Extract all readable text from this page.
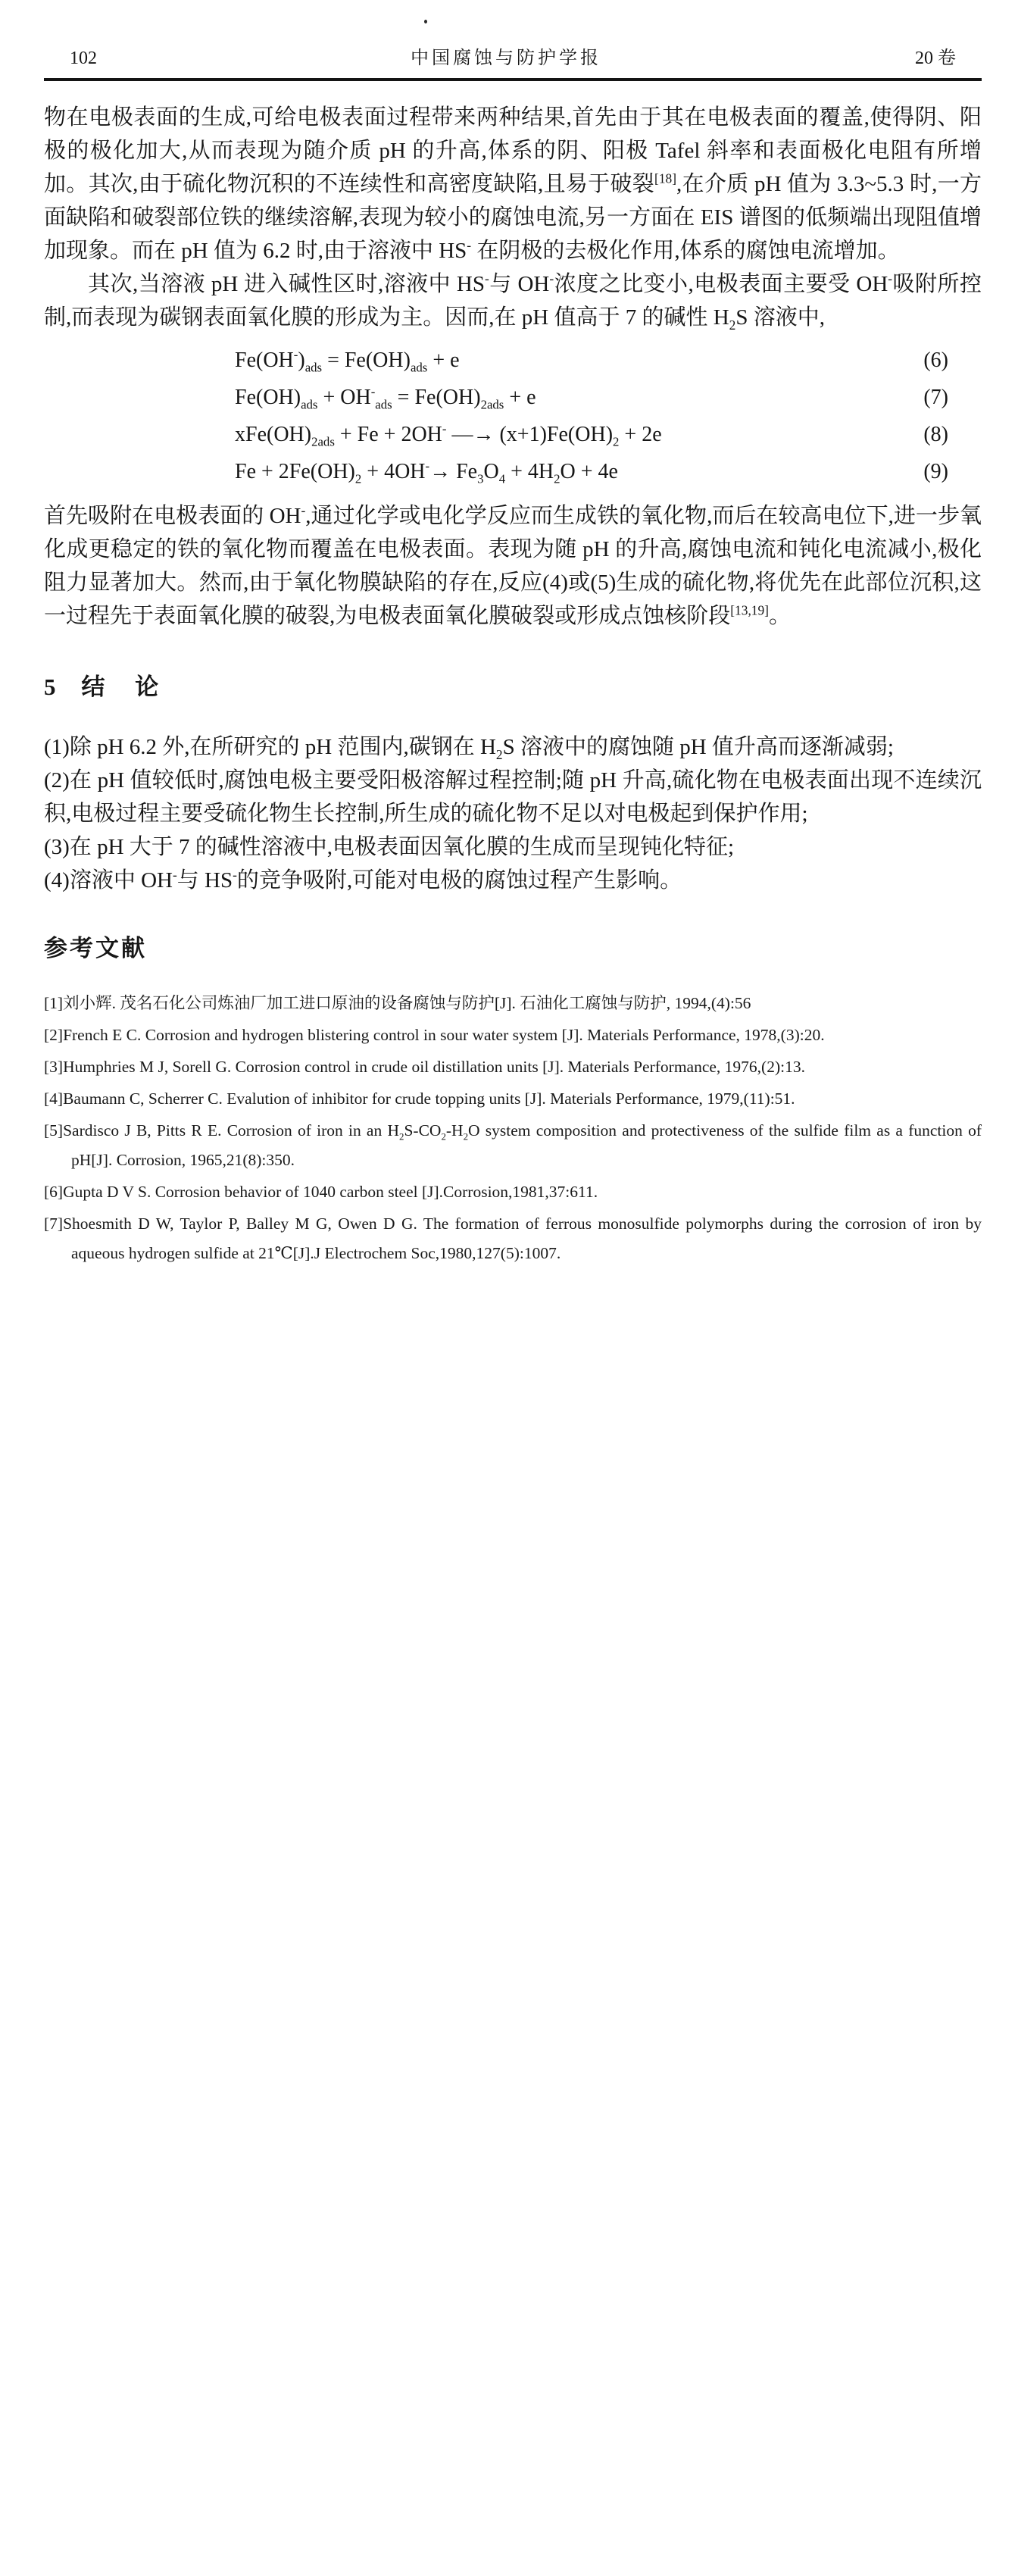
102	中国腐蚀与防护学报	20 卷

物在电极表面的生成,可给电极表面过程带来两种结果,首先由于其在电极表面的覆盖,使得阴、阳极的极化加大,从而表现为随介质 pH 的升高,体系的阴、阳极 Tafel 斜率和表面极化电阻有所增加。其次,由于硫化物沉积的不连续性和高密度缺陷,且易于破裂[18],在介质 pH 值为 3.3~5.3 时,一方面缺陷和破裂部位铁的继续溶解,表现为较小的腐蚀电流,另一方面在 EIS 谱图的低频端出现阻值增加现象。而在 pH 值为 6.2 时,由于溶液中 HS- 在阴极的去极化作用,体系的腐蚀电流增加。

其次,当溶液 pH 进入碱性区时,溶液中 HS-与 OH-浓度之比变小,电极表面主要受 OH-吸附所控制,而表现为碳钢表面氧化膜的形成为主。因而,在 pH 值高于 7 的碱性 $H_2S$ 溶液中,

$Fe(OH^-)_{ads} = Fe(OH)_{ads} + e$	(6)
$Fe(OH)_{ads} + OH^-_{ads} = Fe(OH)_{2ads} + e$	(7)
$xFe(OH)_{2ads} + Fe + 2OH^-$ —→ $(x+1)Fe(OH)_2 + 2e$	(8)
$Fe + 2Fe(OH)_2 + 4OH^-\to Fe_3O_4 + 4H_2O + 4e$	(9)

首先吸附在电极表面的 OH-,通过化学或电化学反应而生成铁的氧化物,而后在较高电位下,进一步氧化成更稳定的铁的氧化物而覆盖在电极表面。表现为随 pH 的升高,腐蚀电流和钝化电流减小,极化阻力显著加大。然而,由于氧化物膜缺陷的存在,反应(4)或(5)生成的硫化物,将优先在此部位沉积,这一过程先于表面氧化膜的破裂,为电极表面氧化膜破裂或形成点蚀核阶段[13,19]。

5 结 论

(1)除 pH 6.2 外,在所研究的 pH 范围内,碳钢在 $H_2S$ 溶液中的腐蚀随 pH 值升高而逐渐减弱;

(2)在 pH 值较低时,腐蚀电极主要受阳极溶解过程控制;随 pH 升高,硫化物在电极表面出现不连续沉积,电极过程主要受硫化物生长控制,所生成的硫化物不足以对电极起到保护作用;

(3)在 pH 大于 7 的碱性溶液中,电极表面因氧化膜的生成而呈现钝化特征;

(4)溶液中 OH-与 HS-的竞争吸附,可能对电极的腐蚀过程产生影响。

参考文献

[1]刘小辉. 茂名石化公司炼油厂加工进口原油的设备腐蚀与防护[J]. 石油化工腐蚀与防护, 1994,(4):56

[2]French E C. Corrosion and hydrogen blistering control in sour water system [J]. Materials Performance, 1978,(3):20.

[3]Humphries M J, Sorell G. Corrosion control in crude oil distillation units [J]. Materials Performance, 1976,(2):13.

[4]Baumann C, Scherrer C. Evalution of inhibitor for crude topping units [J]. Materials Performance, 1979,(11):51.

[5]Sardisco J B, Pitts R E. Corrosion of iron in an $H_2S-CO_2-H_2O$ system composition and protectiveness of the sulfide film as a function of pH[J]. Corrosion, 1965,21(8):350.

[6]Gupta D V S. Corrosion behavior of 1040 carbon steel [J].Corrosion,1981,37:611.

[7]Shoesmith D W, Taylor P, Balley M G, Owen D G. The formation of ferrous monosulfide polymorphs during the corrosion of iron by aqueous hydrogen sulfide at 21℃[J].J Electrochem Soc,1980,127(5):1007.
